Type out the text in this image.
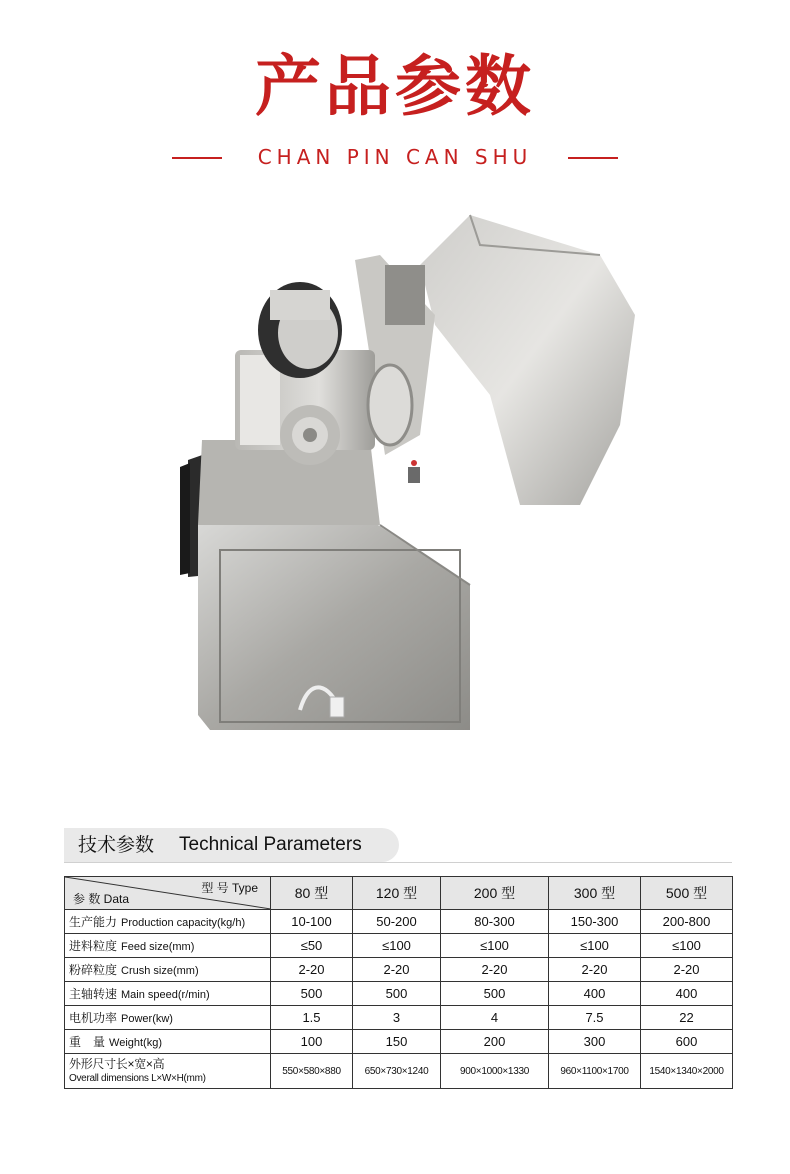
产品参数
CHAN PIN CAN SHU
技术参数 Technical Parameters
型 号 Type
参 数 Data	80 型	120 型	200 型	300 型	500 型
生产能力 Production capacity(kg/h)	10-100	50-200	80-300	150-300	200-800
进料粒度 Feed size(mm)	≤50	≤100	≤100	≤100	≤100
粉碎粒度 Crush size(mm)	2-20	2-20	2-20	2-20	2-20
主轴转速 Main speed(r/min)	500	500	500	400	400
电机功率 Power(kw)	1.5	3	4	7.5	22
重　量 Weight(kg)	100	150	200	300	600
外形尺寸长×宽×高
Overall dimensions L×W×H(mm)	550×580×880	650×730×1240	900×1000×1330	960×1100×1700	1540×1340×2000
